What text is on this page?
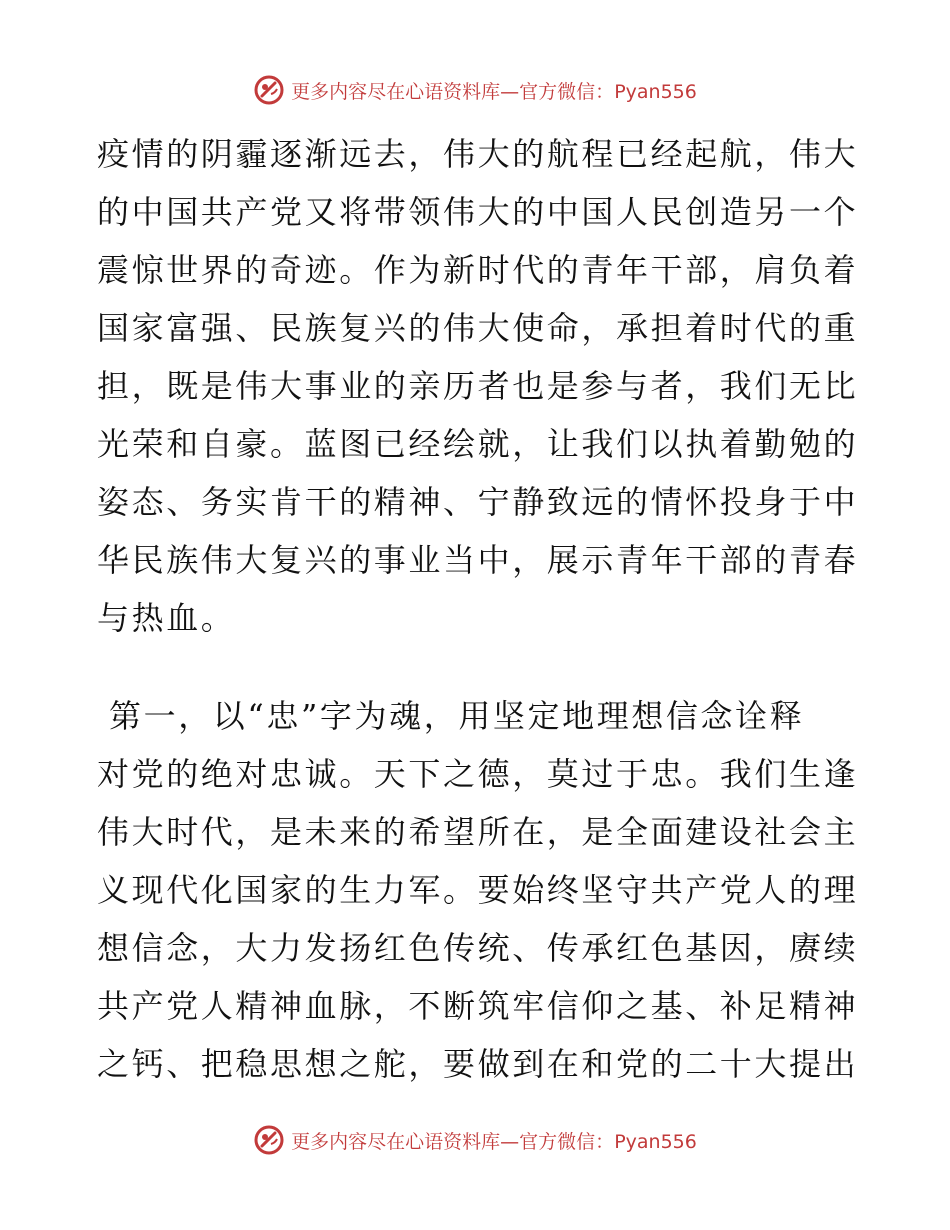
更多内容尽在心语资料库—官方微信：Pyan556
疫情的阴霾逐渐远去，伟大的航程已经起航，伟大
的中国共产党又将带领伟大的中国人民创造另一个
震惊世界的奇迹。作为新时代的青年干部，肩负着
国家富强、民族复兴的伟大使命，承担着时代的重
担，既是伟大事业的亲历者也是参与者，我们无比
光荣和自豪。蓝图已经绘就，让我们以执着勤勉的
姿态、务实肯干的精神、宁静致远的情怀投身于中
华民族伟大复兴的事业当中，展示青年干部的青春
与热血。
第一，以“忠”字为魂，用坚定地理想信念诠释
对党的绝对忠诚。天下之德，莫过于忠。我们生逢
伟大时代，是未来的希望所在，是全面建设社会主
义现代化国家的生力军。要始终坚守共产党人的理
想信念，大力发扬红色传统、传承红色基因，赓续
共产党人精神血脉，不断筑牢信仰之基、补足精神
之钙、把稳思想之舵，要做到在和党的二十大提出
更多内容尽在心语资料库—官方微信：Pyan556
